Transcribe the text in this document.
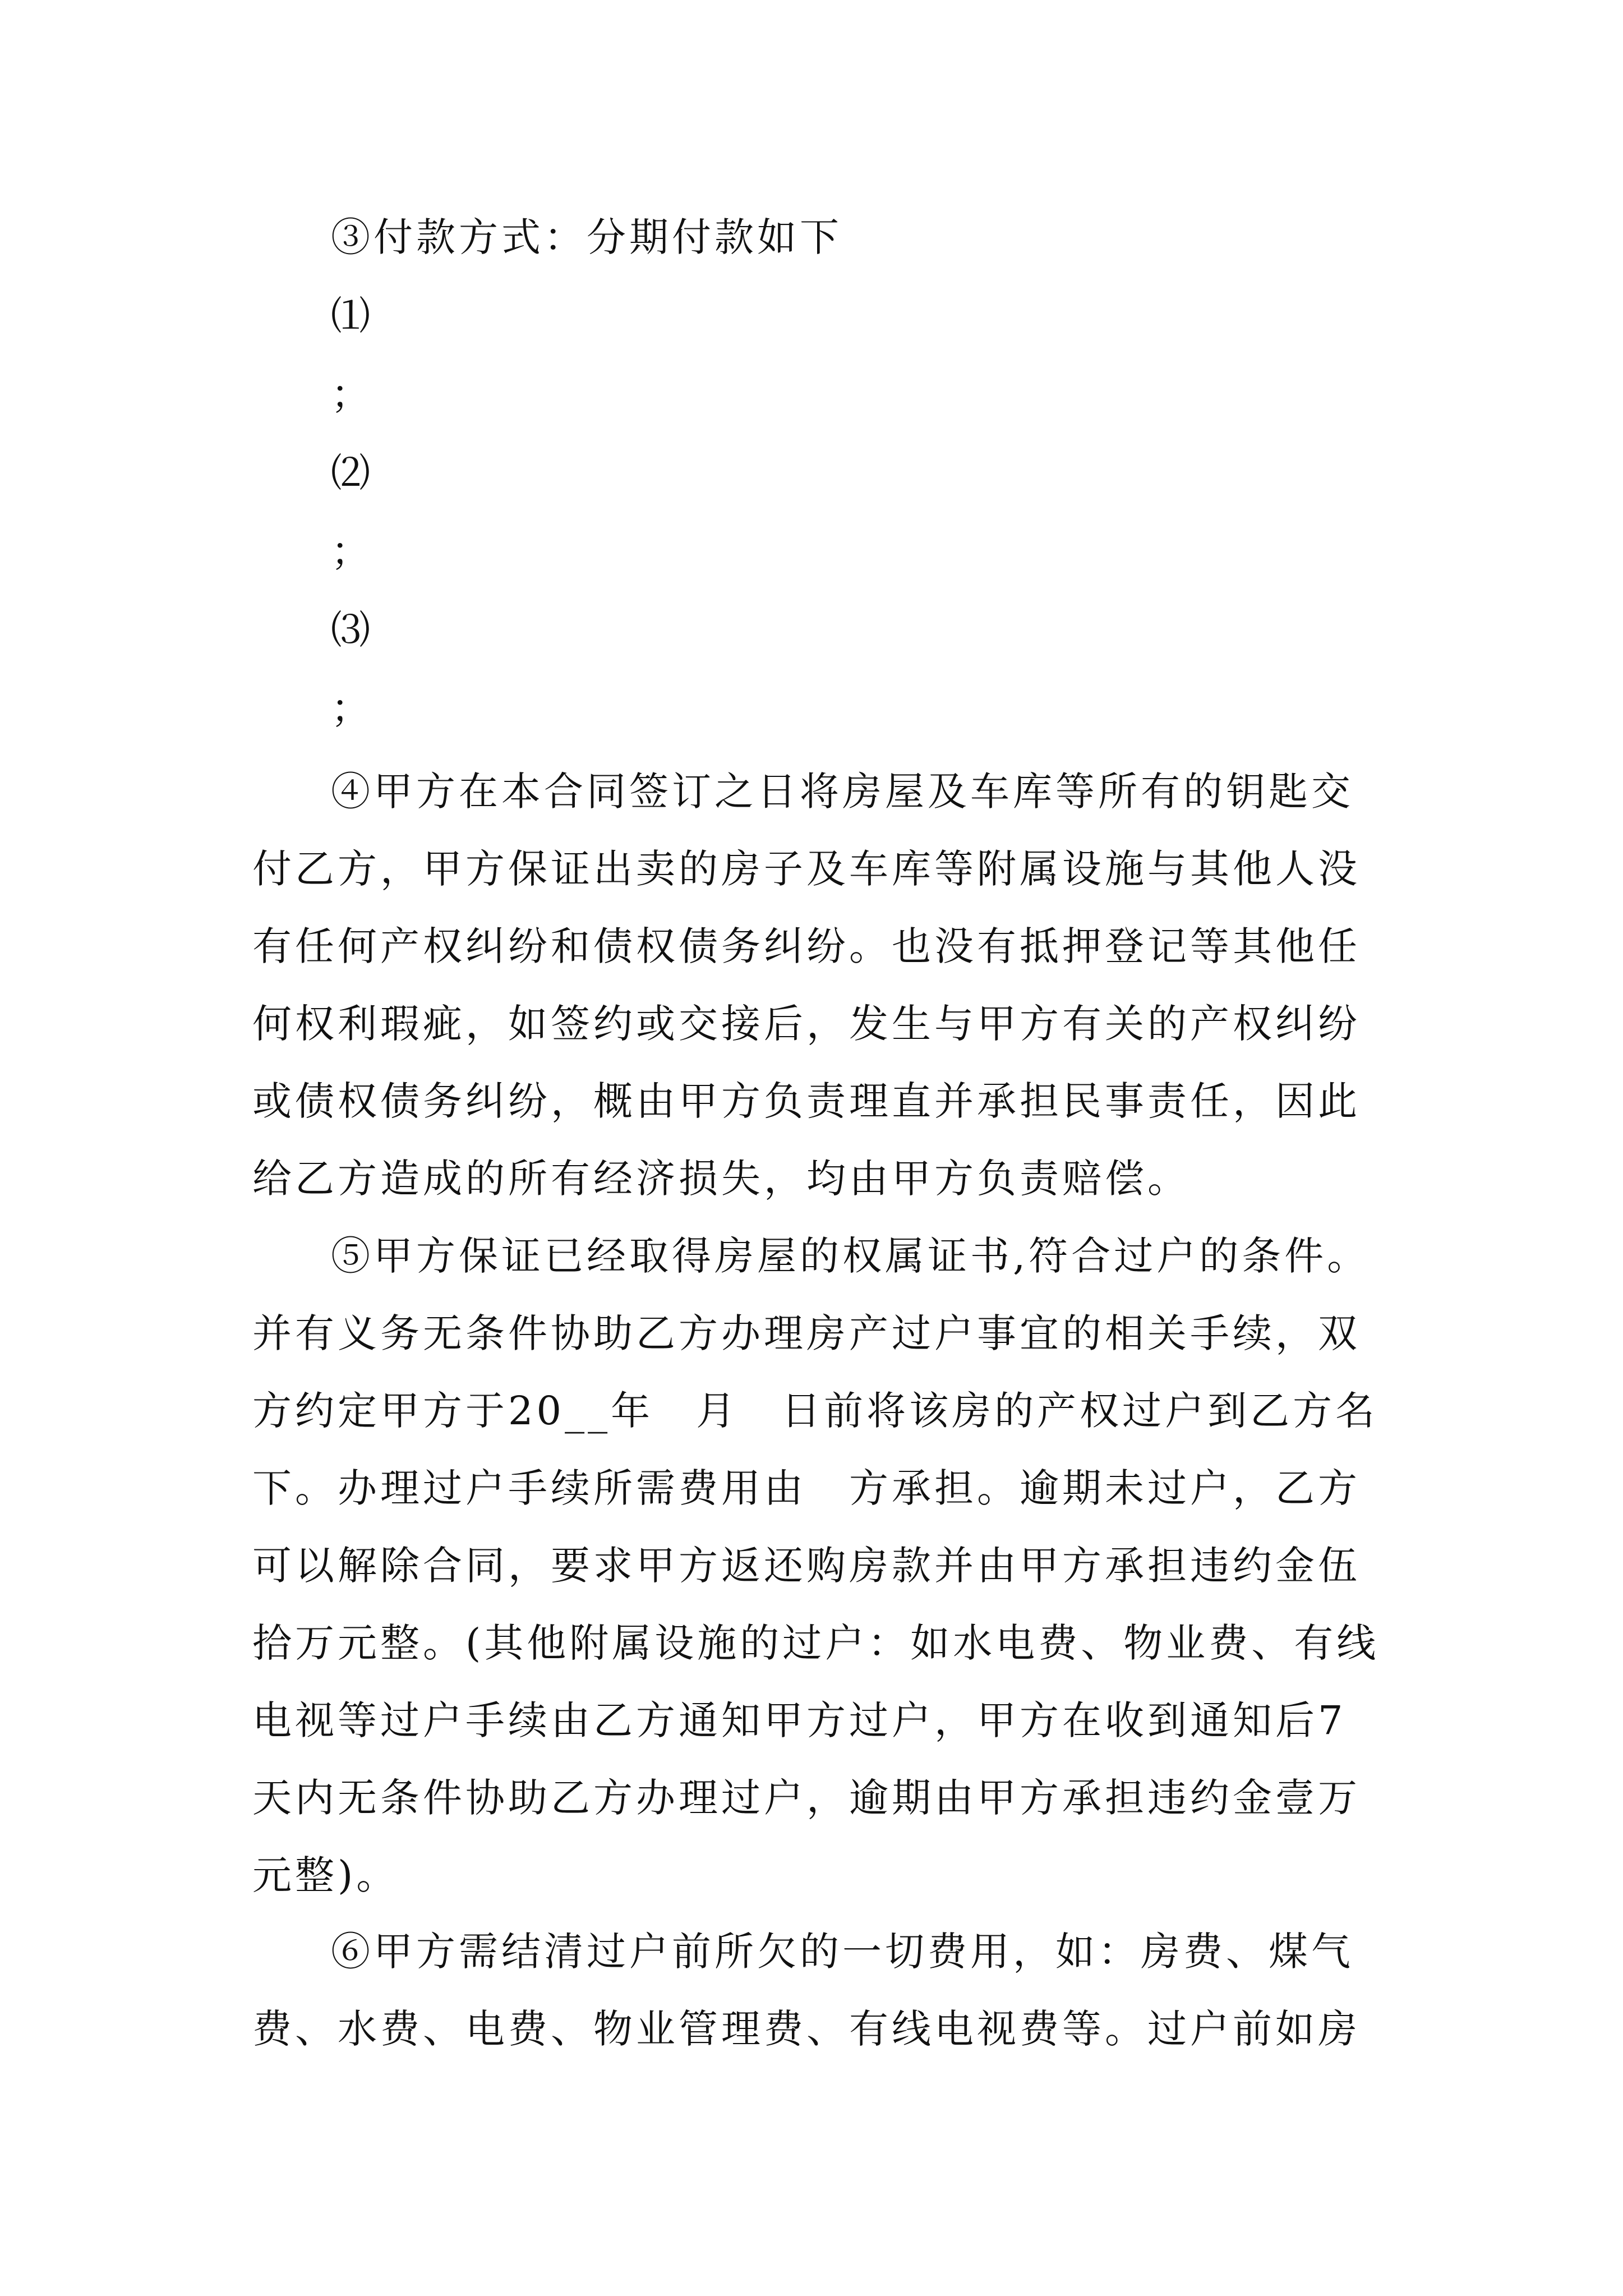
③付款方式：分期付款如下
⑴
；
⑵
；
⑶
；

④甲方在本合同签订之日将房屋及车库等所有的钥匙交付乙方，甲方保证出卖的房子及车库等附属设施与其他人没有任何产权纠纷和债权债务纠纷。也没有抵押登记等其他任何权利瑕疵，如签约或交接后，发生与甲方有关的产权纠纷或债权债务纠纷，概由甲方负责理直并承担民事责任，因此给乙方造成的所有经济损失，均由甲方负责赔偿。

⑤甲方保证已经取得房屋的权属证书,符合过户的条件。并有义务无条件协助乙方办理房产过户事宜的相关手续，双方约定甲方于20__年　月　日前将该房的产权过户到乙方名下。办理过户手续所需费用由　方承担。逾期未过户，乙方可以解除合同，要求甲方返还购房款并由甲方承担违约金伍拾万元整。(其他附属设施的过户：如水电费、物业费、有线电视等过户手续由乙方通知甲方过户，甲方在收到通知后7天内无条件协助乙方办理过户，逾期由甲方承担违约金壹万元整)。

⑥甲方需结清过户前所欠的一切费用，如：房费、煤气费、水费、电费、物业管理费、有线电视费等。过户前如房
